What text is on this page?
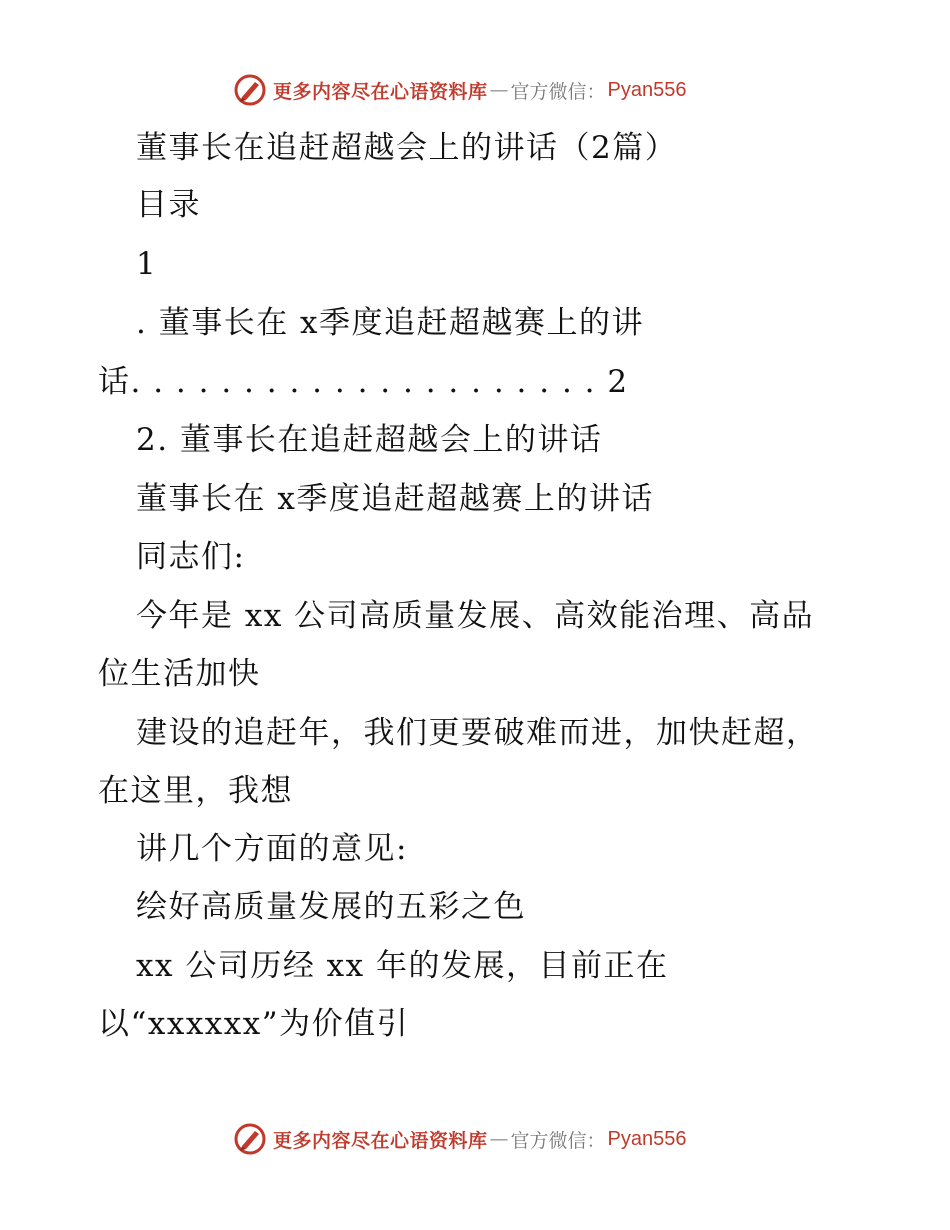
更多内容尽在心语资料库 — 官方微信： Pyan556
董事长在追赶超越会上的讲话（2篇）
目录
1
. 董事长在 x季度追赶超越赛上的讲
话. . . . . . . . . . . . . . . . . . . . . 2
2. 董事长在追赶超越会上的讲话
董事长在 x季度追赶超越赛上的讲话
同志们:
今年是 xx 公司高质量发展、高效能治理、高品
位生活加快
建设的追赶年，我们更要破难而进，加快赶超，
在这里，我想
讲几个方面的意见:
绘好高质量发展的五彩之色
xx 公司历经 xx 年的发展，目前正在
以“xxxxxx”为价值引
更多内容尽在心语资料库 — 官方微信： Pyan556
